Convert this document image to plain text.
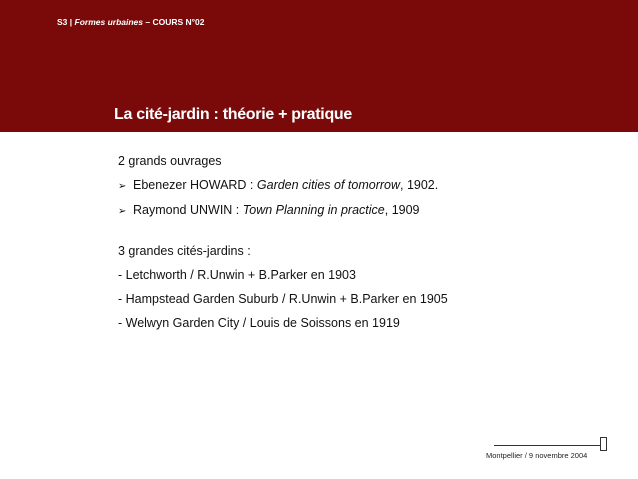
S3 | Formes urbaines – COURS N°02
La cité-jardin : théorie + pratique
2 grands ouvrages
➢ Ebenezer HOWARD : Garden cities of tomorrow, 1902.
➢ Raymond UNWIN : Town Planning in practice, 1909
3 grandes cités-jardins :
- Letchworth / R.Unwin + B.Parker en 1903
- Hampstead Garden Suburb / R.Unwin + B.Parker en 1905
- Welwyn Garden City / Louis de Soissons en 1919
Montpellier / 9 novembre 2004
